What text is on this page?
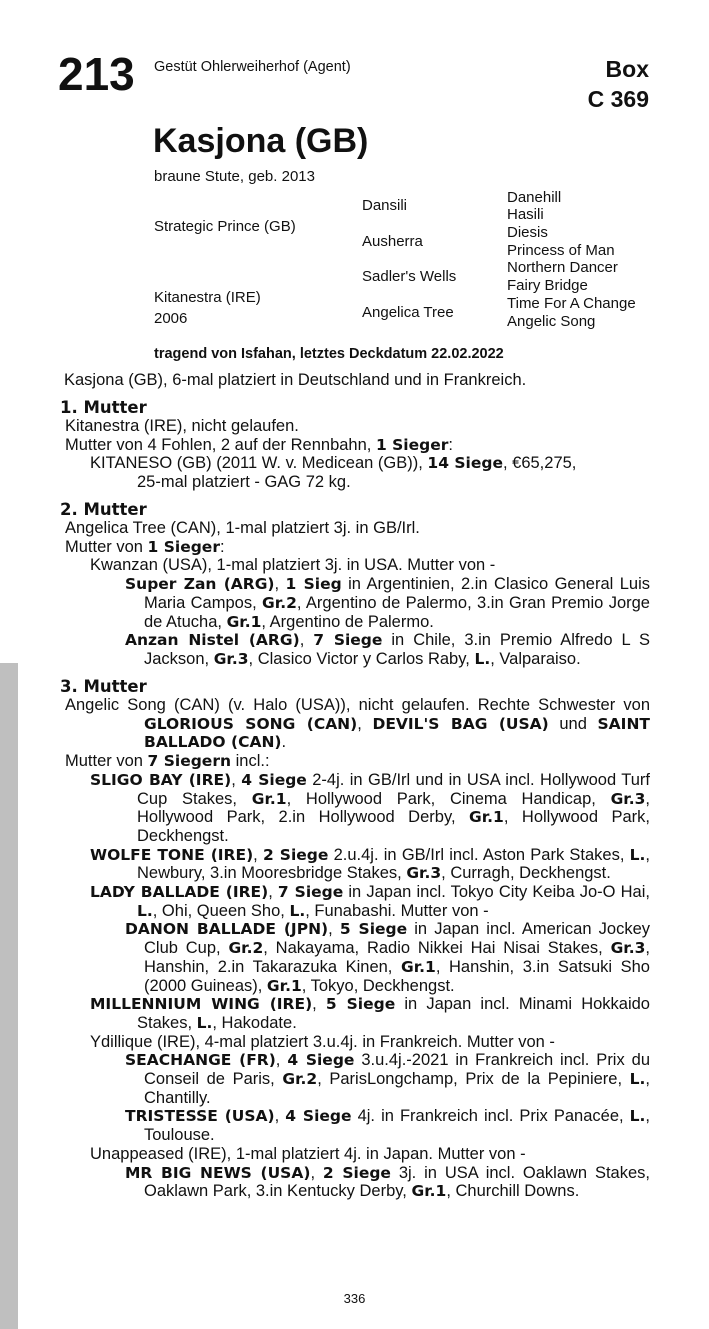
213 Gestüt Ohlerweiherhof (Agent)	Box
C 369
Kasjona (GB)
braune Stute, geb. 2013
Strategic Prince (GB)
Kitanestra (IRE)
2006
Dansili
Ausherra
Sadler's Wells
Angelica Tree
Danehill
Hasili
Diesis
Princess of Man
Northern Dancer
Fairy Bridge
Time For A Change
Angelic Song
tragend von Isfahan, letztes Deckdatum 22.02.2022
Kasjona (GB), 6-mal platziert in Deutschland und in Frankreich.
1. Mutter
Kitanestra (IRE), nicht gelaufen.
Mutter von 4 Fohlen, 2 auf der Rennbahn, 1 Sieger:

KITANESO (GB) (2011 W. v. Medicean (GB)), 14 Siege, €65,275,
25-mal platziert - GAG 72 kg.

2. Mutter
Angelica Tree (CAN), 1-mal platziert 3j. in GB/Irl.
Mutter von 1 Sieger:
Kwanzan (USA), 1-mal platziert 3j. in USA. Mutter von -

Super Zan (ARG), 1 Sieg in Argentinien, 2.in Clasico General Luis Maria Campos, Gr.2, Argentino de Palermo, 3.in Gran Premio Jorge de Atucha, Gr.1, Argentino de Palermo.

Anzan Nistel (ARG), 7 Siege in Chile, 3.in Premio Alfredo L S Jackson, Gr.3, Clasico Victor y Carlos Raby, L., Valparaiso.

3. Mutter

Angelic Song (CAN) (v. Halo (USA)), nicht gelaufen. Rechte Schwester von GLORIOUS SONG (CAN), DEVIL'S BAG (USA) und SAINT BALLADO (CAN).

Mutter von 7 Siegern incl.:

SLIGO BAY (IRE), 4 Siege 2-4j. in GB/Irl und in USA incl. Hollywood Turf Cup Stakes, Gr.1, Hollywood Park, Cinema Handicap, Gr.3, Hollywood Park, 2.in Hollywood Derby, Gr.1, Hollywood Park, Deckhengst.

WOLFE TONE (IRE), 2 Siege 2.u.4j. in GB/Irl incl. Aston Park Stakes, L., Newbury, 3.in Mooresbridge Stakes, Gr.3, Curragh, Deckhengst.

LADY BALLADE (IRE), 7 Siege in Japan incl. Tokyo City Keiba Jo-O Hai, L., Ohi, Queen Sho, L., Funabashi. Mutter von -

DANON BALLADE (JPN), 5 Siege in Japan incl. American Jockey Club Cup, Gr.2, Nakayama, Radio Nikkei Hai Nisai Stakes, Gr.3, Hanshin, 2.in Takarazuka Kinen, Gr.1, Hanshin, 3.in Satsuki Sho (2000 Guineas), Gr.1, Tokyo, Deckhengst.

MILLENNIUM WING (IRE), 5 Siege in Japan incl. Minami Hokkaido Stakes, L., Hakodate.

Ydillique (IRE), 4-mal platziert 3.u.4j. in Frankreich. Mutter von -

SEACHANGE (FR), 4 Siege 3.u.4j.-2021 in Frankreich incl. Prix du Conseil de Paris, Gr.2, ParisLongchamp, Prix de la Pepiniere, L., Chantilly.

TRISTESSE (USA), 4 Siege 4j. in Frankreich incl. Prix Panacée, L., Toulouse.

Unappeased (IRE), 1-mal platziert 4j. in Japan. Mutter von -

MR BIG NEWS (USA), 2 Siege 3j. in USA incl. Oaklawn Stakes, Oaklawn Park, 3.in Kentucky Derby, Gr.1, Churchill Downs.

336
